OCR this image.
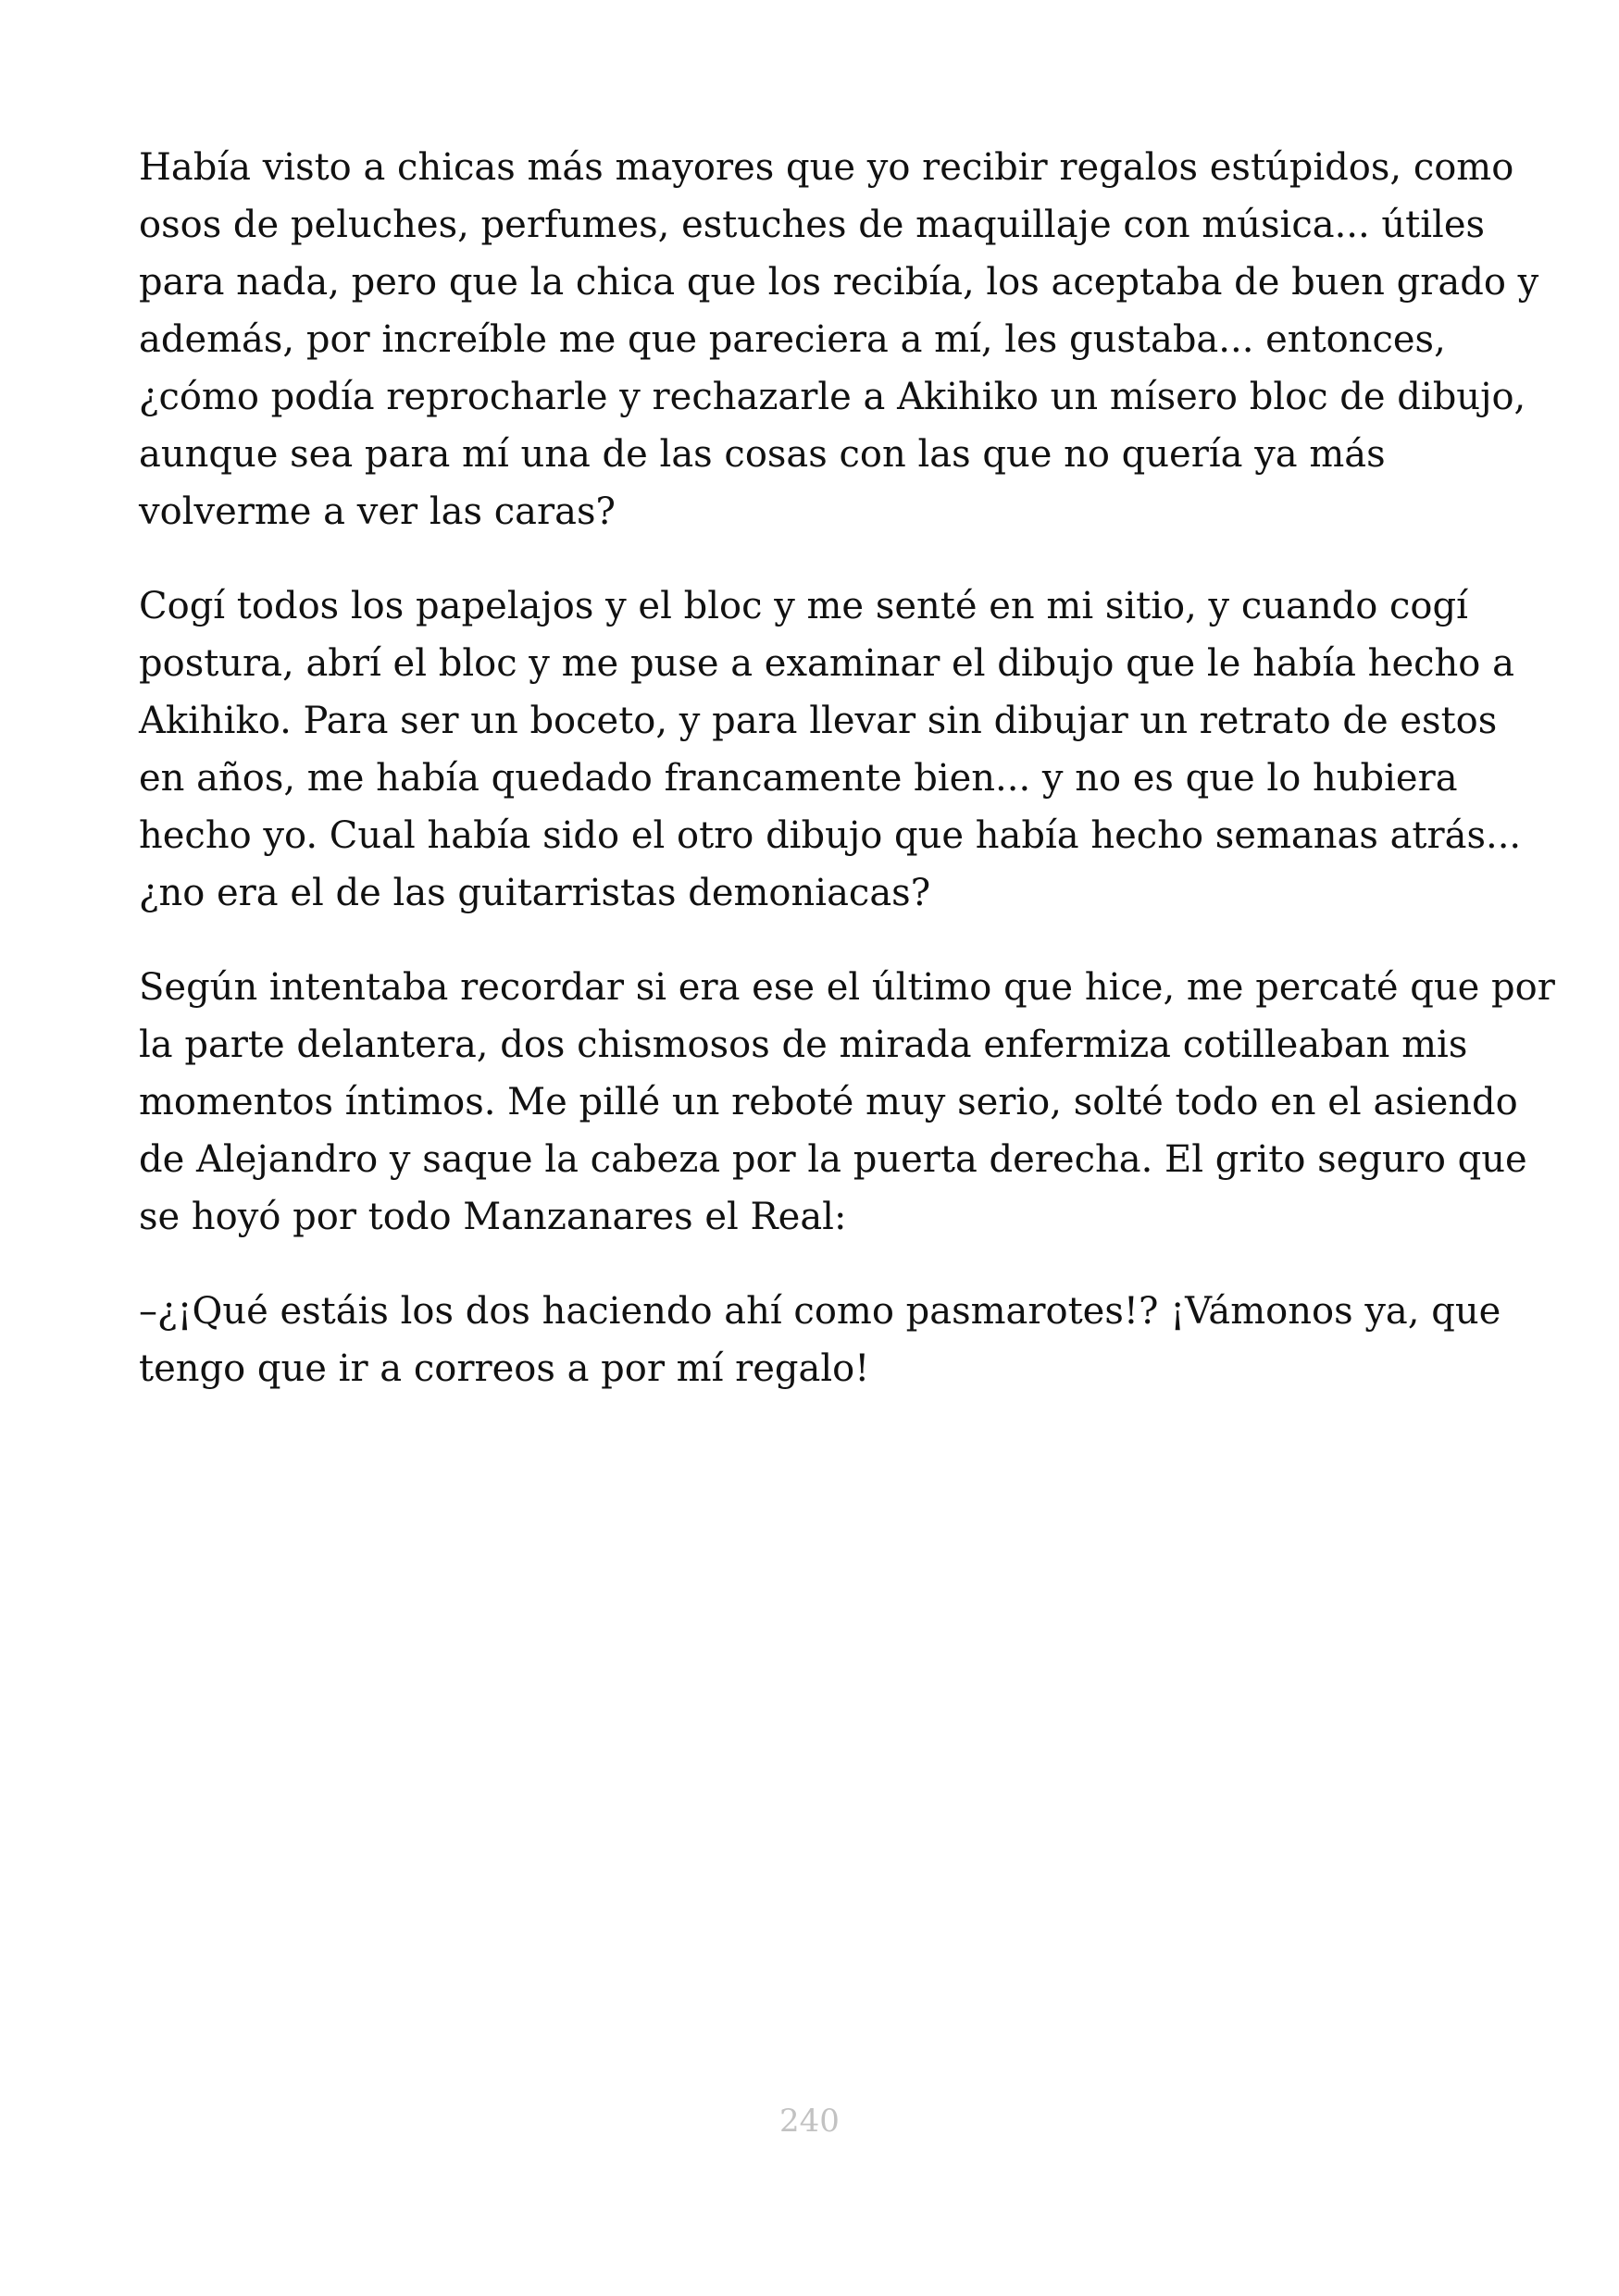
Había visto a chicas más mayores que yo recibir regalos estúpidos, como
osos de peluches, perfumes, estuches de maquillaje con música... útiles
para nada, pero que la chica que los recibía, los aceptaba de buen grado y
además, por increíble me que pareciera a mí, les gustaba... entonces,
¿cómo podía reprocharle y rechazarle a Akihiko un mísero bloc de dibujo,
aunque sea para mí una de las cosas con las que no quería ya más
volverme a ver las caras?

Cogí todos los papelajos y el bloc y me senté en mi sitio, y cuando cogí
postura, abrí el bloc y me puse a examinar el dibujo que le había hecho a
Akihiko. Para ser un boceto, y para llevar sin dibujar un retrato de estos
en años, me había quedado francamente bien... y no es que lo hubiera
hecho yo. Cual había sido el otro dibujo que había hecho semanas atrás...
¿no era el de las guitarristas demoniacas?

Según intentaba recordar si era ese el último que hice, me percaté que por
la parte delantera, dos chismosos de mirada enfermiza cotilleaban mis
momentos íntimos. Me pillé un reboté muy serio, solté todo en el asiendo
de Alejandro y saque la cabeza por la puerta derecha. El grito seguro que
se hoyó por todo Manzanares el Real:

–¿¡Qué estáis los dos haciendo ahí como pasmarotes!? ¡Vámonos ya, que
tengo que ir a correos a por mí regalo!

240
